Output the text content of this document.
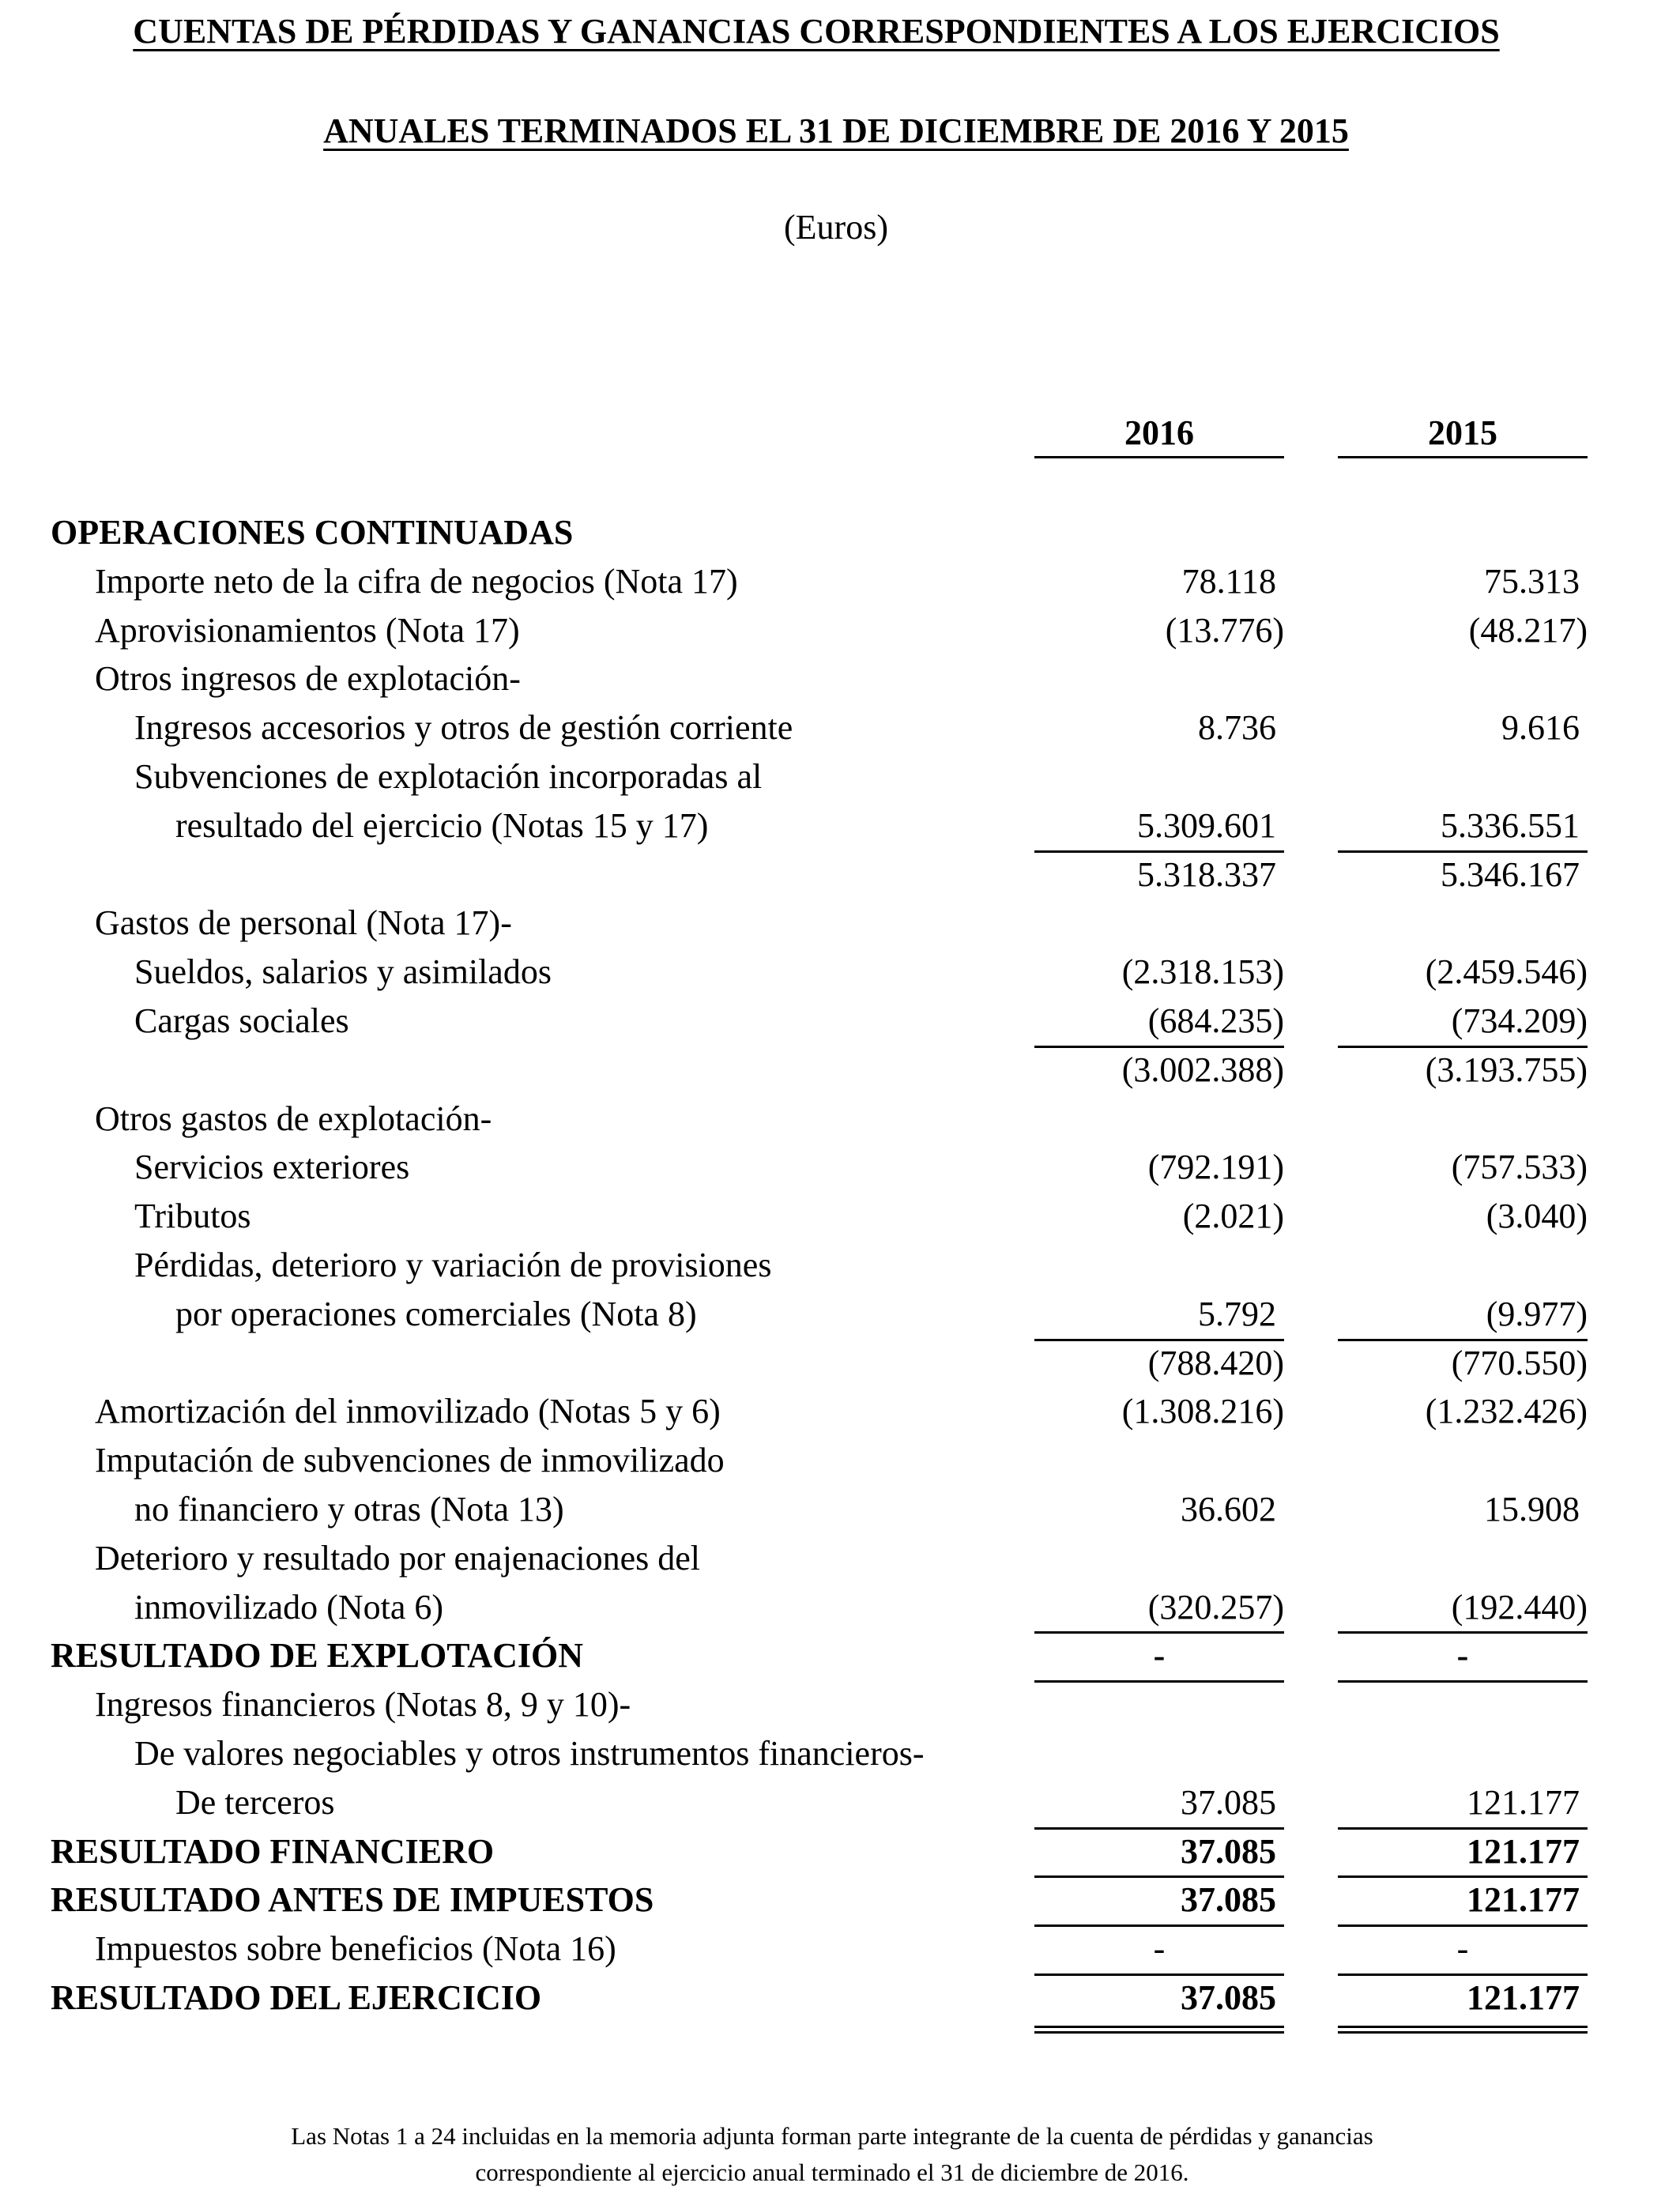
CUENTAS DE PÉRDIDAS Y GANANCIAS CORRESPONDIENTES A LOS EJERCICIOS
ANUALES TERMINADOS EL 31 DE DICIEMBRE DE 2016 Y 2015
(Euros)
2016	2015
OPERACIONES CONTINUADAS
Importe neto de la cifra de negocios (Nota 17)	78.118	75.313
Aprovisionamientos (Nota 17)	(13.776)	(48.217)
Otros ingresos de explotación-
Ingresos accesorios y otros de gestión corriente	8.736	9.616
Subvenciones de explotación incorporadas al
resultado del ejercicio (Notas 15 y 17)	5.309.601	5.336.551
5.318.337	5.346.167
Gastos de personal (Nota 17)-
Sueldos, salarios y asimilados	(2.318.153)	(2.459.546)
Cargas sociales	(684.235)	(734.209)
(3.002.388)	(3.193.755)
Otros gastos de explotación-
Servicios exteriores	(792.191)	(757.533)
Tributos	(2.021)	(3.040)
Pérdidas, deterioro y variación de provisiones
por operaciones comerciales (Nota 8)	5.792	(9.977)
(788.420)	(770.550)
Amortización del inmovilizado (Notas 5 y 6)	(1.308.216)	(1.232.426)
Imputación de subvenciones de inmovilizado
no financiero y otras (Nota 13)	36.602	15.908
Deterioro y resultado por enajenaciones del
inmovilizado (Nota 6)	(320.257)	(192.440)
RESULTADO DE EXPLOTACIÓN	-	-
Ingresos financieros (Notas 8, 9 y 10)-
De valores negociables y otros instrumentos financieros-
De terceros	37.085	121.177
RESULTADO FINANCIERO	37.085	121.177
RESULTADO ANTES DE IMPUESTOS	37.085	121.177
Impuestos sobre beneficios (Nota 16)	-	-
RESULTADO DEL EJERCICIO	37.085	121.177
Las Notas 1 a 24 incluidas en la memoria adjunta forman parte integrante de la cuenta de pérdidas y ganancias
correspondiente al ejercicio anual terminado el 31 de diciembre de 2016.
